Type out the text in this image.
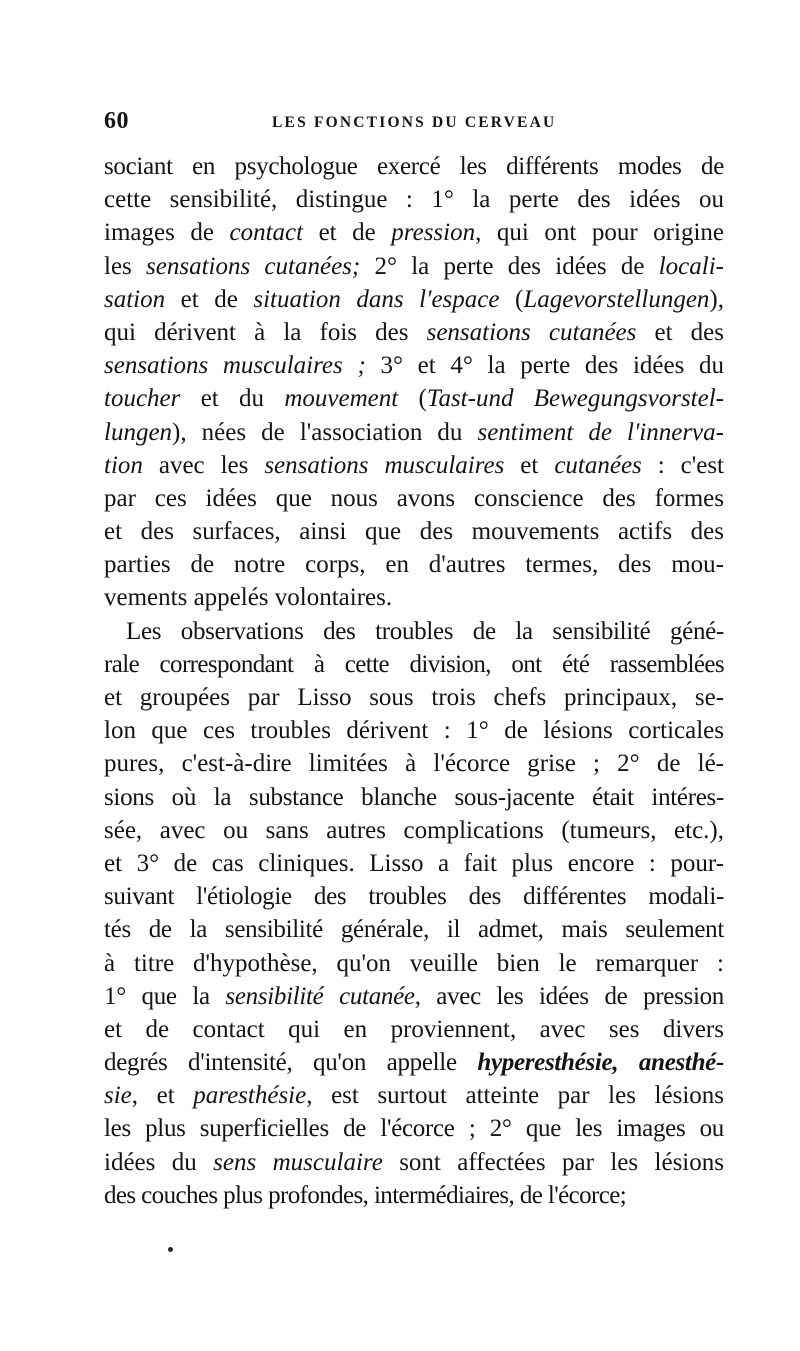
60	LES FONCTIONS DU CERVEAU
sociant en psychologue exercé les différents modes de
cette sensibilité, distingue : 1° la perte des idées ou
images de contact et de pression, qui ont pour origine
les sensations cutanées; 2° la perte des idées de locali-
sation et de situation dans l'espace (Lagevorstellungen),
qui dérivent à la fois des sensations cutanées et des
sensations musculaires ; 3° et 4° la perte des idées du
toucher et du mouvement (Tast-und Bewegungsvorstel-
lungen), nées de l'association du sentiment de l'innerva-
tion avec les sensations musculaires et cutanées : c'est
par ces idées que nous avons conscience des formes
et des surfaces, ainsi que des mouvements actifs des
parties de notre corps, en d'autres termes, des mou-
vements appelés volontaires.
Les observations des troubles de la sensibilité géné-
rale correspondant à cette division, ont été rassemblées
et groupées par Lisso sous trois chefs principaux, se-
lon que ces troubles dérivent : 1° de lésions corticales
pures, c'est-à-dire limitées à l'écorce grise ; 2° de lé-
sions où la substance blanche sous-jacente était intéres-
sée, avec ou sans autres complications (tumeurs, etc.),
et 3° de cas cliniques. Lisso a fait plus encore : pour-
suivant l'étiologie des troubles des différentes modali-
tés de la sensibilité générale, il admet, mais seulement
à titre d'hypothèse, qu'on veuille bien le remarquer :
1° que la sensibilité cutanée, avec les idées de pression
et de contact qui en proviennent, avec ses divers
degrés d'intensité, qu'on appelle hyperesthésie, anesthé-
sie, et paresthésie, est surtout atteinte par les lésions
les plus superficielles de l'écorce ; 2° que les images ou
idées du sens musculaire sont affectées par les lésions
des couches plus profondes, intermédiaires, de l'écorce;
